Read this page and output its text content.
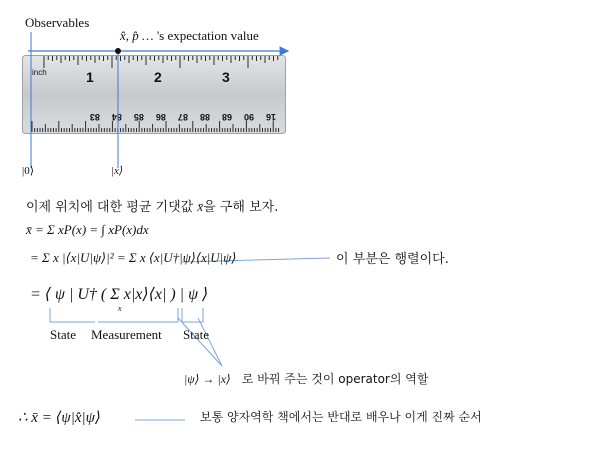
inch	1	2	3
169068888786858483
Observables
x̂, p̂ … 's expectation value
|0⟩	|x⟩
이제 위치에 대한 평균 기댓값 x̄을 구해 보자.
x̄ = Σ xP(x) = ∫ xP(x)dx
= Σ x |⟨x|U|ψ⟩|² = Σ x ⟨x|U†|ψ⟩⟨x|U|ψ⟩	이 부분은 행렬이다.
= ⟨ ψ | U† ( Σ x|x⟩⟨x| ) | ψ ⟩
x
State Measurement State
|ψ⟩ → |x⟩ 로 바꿔 주는 것이 operator의 역할
∴ x̄ = ⟨ψ|x̂|ψ⟩	보통 양자역학 책에서는 반대로 배우나 이게 진짜 순서
